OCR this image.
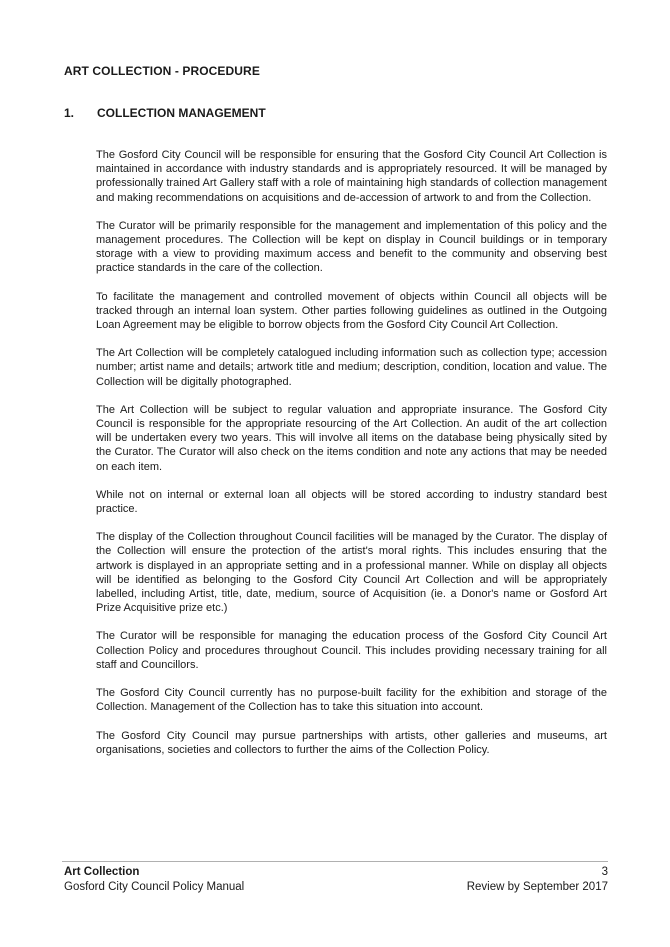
ART COLLECTION - PROCEDURE
1.	COLLECTION MANAGEMENT

The Gosford City Council will be responsible for ensuring that the Gosford City Council Art Collection is maintained in accordance with industry standards and is appropriately resourced. It will be managed by professionally trained Art Gallery staff with a role of maintaining high standards of collection management and making recommendations on acquisitions and de-accession of artwork to and from the Collection.

The Curator will be primarily responsible for the management and implementation of this policy and the management procedures. The Collection will be kept on display in Council buildings or in temporary storage with a view to providing maximum access and benefit to the community and observing best practice standards in the care of the collection.

To facilitate the management and controlled movement of objects within Council all objects will be tracked through an internal loan system. Other parties following guidelines as outlined in the Outgoing Loan Agreement may be eligible to borrow objects from the Gosford City Council Art Collection.

The Art Collection will be completely catalogued including information such as collection type; accession number; artist name and details; artwork title and medium; description, condition, location and value. The Collection will be digitally photographed.

The Art Collection will be subject to regular valuation and appropriate insurance. The Gosford City Council is responsible for the appropriate resourcing of the Art Collection. An audit of the art collection will be undertaken every two years. This will involve all items on the database being physically sited by the Curator. The Curator will also check on the items condition and note any actions that may be needed on each item.

While not on internal or external loan all objects will be stored according to industry standard best practice.

The display of the Collection throughout Council facilities will be managed by the Curator. The display of the Collection will ensure the protection of the artist's moral rights. This includes ensuring that the artwork is displayed in an appropriate setting and in a professional manner. While on display all objects will be identified as belonging to the Gosford City Council Art Collection and will be appropriately labelled, including Artist, title, date, medium, source of Acquisition (ie. a Donor's name or Gosford Art Prize Acquisitive prize etc.)

The Curator will be responsible for managing the education process of the Gosford City Council Art Collection Policy and procedures throughout Council. This includes providing necessary training for all staff and Councillors.

The Gosford City Council currently has no purpose-built facility for the exhibition and storage of the Collection. Management of the Collection has to take this situation into account.

The Gosford City Council may pursue partnerships with artists, other galleries and museums, art organisations, societies and collectors to further the aims of the Collection Policy.

Art Collection	3
Gosford City Council Policy Manual	Review by September 2017
